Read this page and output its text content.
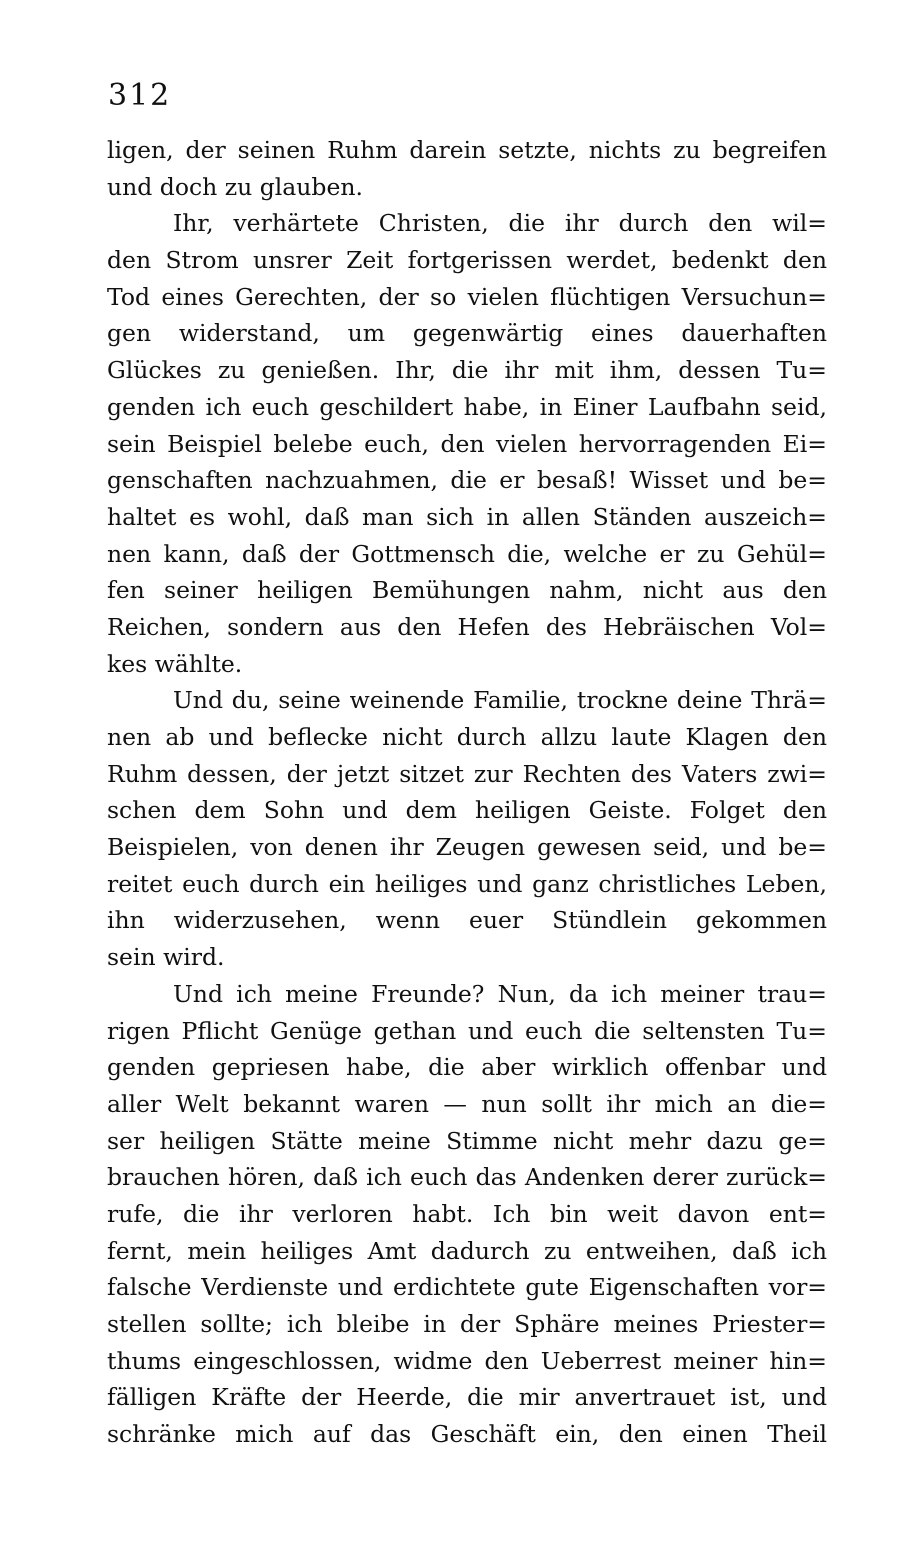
312
ligen, der seinen Ruhm darein setzte, nichts zu begreifen
und doch zu glauben.
Ihr, verhärtete Christen, die ihr durch den wil=
den Strom unsrer Zeit fortgerissen werdet, bedenkt den
Tod eines Gerechten, der so vielen flüchtigen Versuchun=
gen widerstand, um gegenwärtig eines dauerhaften
Glückes zu genießen. Ihr, die ihr mit ihm, dessen Tu=
genden ich euch geschildert habe, in Einer Laufbahn seid,
sein Beispiel belebe euch, den vielen hervorragenden Ei=
genschaften nachzuahmen, die er besaß! Wisset und be=
haltet es wohl, daß man sich in allen Ständen auszeich=
nen kann, daß der Gottmensch die, welche er zu Gehül=
fen seiner heiligen Bemühungen nahm, nicht aus den
Reichen, sondern aus den Hefen des Hebräischen Vol=
kes wählte.
Und du, seine weinende Familie, trockne deine Thrä=
nen ab und beflecke nicht durch allzu laute Klagen den
Ruhm dessen, der jetzt sitzet zur Rechten des Vaters zwi=
schen dem Sohn und dem heiligen Geiste. Folget den
Beispielen, von denen ihr Zeugen gewesen seid, und be=
reitet euch durch ein heiliges und ganz christliches Leben,
ihn widerzusehen, wenn euer Stündlein gekommen
sein wird.
Und ich meine Freunde? Nun, da ich meiner trau=
rigen Pflicht Genüge gethan und euch die seltensten Tu=
genden gepriesen habe, die aber wirklich offenbar und
aller Welt bekannt waren — nun sollt ihr mich an die=
ser heiligen Stätte meine Stimme nicht mehr dazu ge=
brauchen hören, daß ich euch das Andenken derer zurück=
rufe, die ihr verloren habt. Ich bin weit davon ent=
fernt, mein heiliges Amt dadurch zu entweihen, daß ich
falsche Verdienste und erdichtete gute Eigenschaften vor=
stellen sollte; ich bleibe in der Sphäre meines Priester=
thums eingeschlossen, widme den Ueberrest meiner hin=
fälligen Kräfte der Heerde, die mir anvertrauet ist, und
schränke mich auf das Geschäft ein, den einen Theil
